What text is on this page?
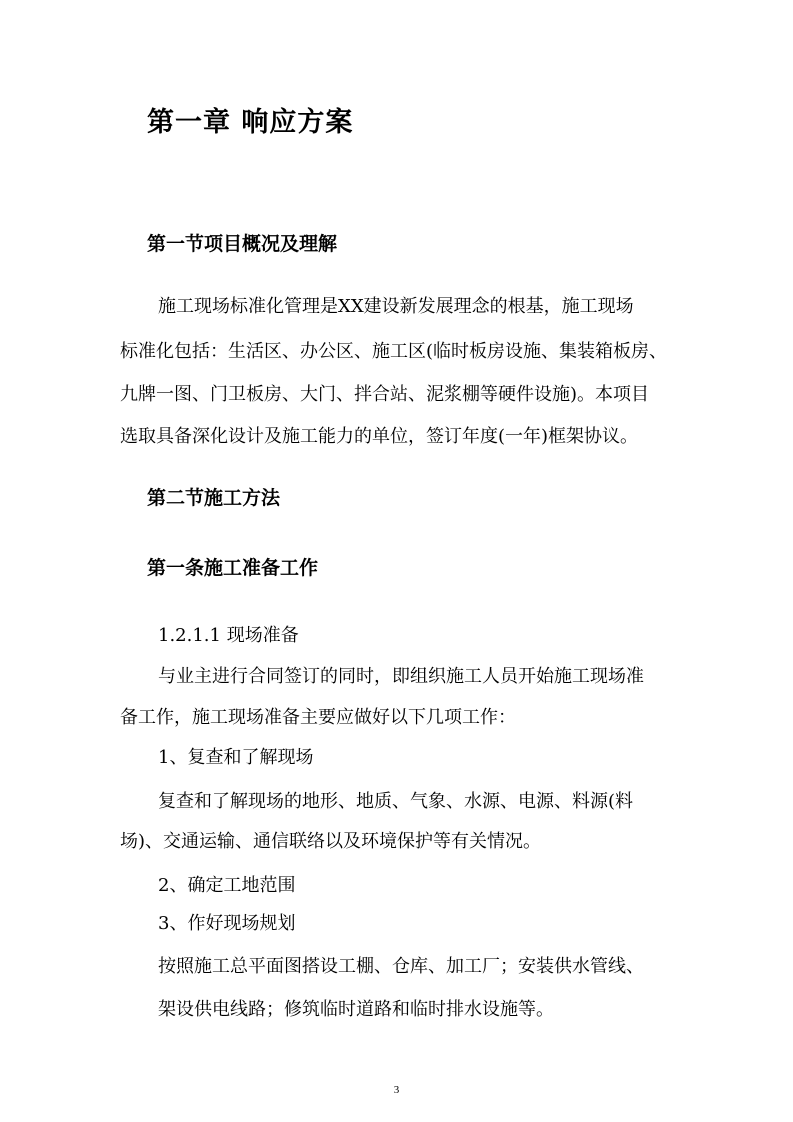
第一章 响应方案
第一节项目概况及理解
施工现场标准化管理是XX建设新发展理念的根基，施工现场
标准化包括：生活区、办公区、施工区(临时板房设施、集装箱板房、
九牌一图、门卫板房、大门、拌合站、泥浆棚等硬件设施)。本项目
选取具备深化设计及施工能力的单位，签订年度(一年)框架协议。
第二节施工方法
第一条施工准备工作
1.2.1.1 现场准备
与业主进行合同签订的同时，即组织施工人员开始施工现场准
备工作，施工现场准备主要应做好以下几项工作：
1、复查和了解现场
复查和了解现场的地形、地质、气象、水源、电源、料源(料
场)、交通运输、通信联络以及环境保护等有关情况。
2、确定工地范围
3、作好现场规划
按照施工总平面图搭设工棚、仓库、加工厂；安装供水管线、
架设供电线路；修筑临时道路和临时排水设施等。
3
